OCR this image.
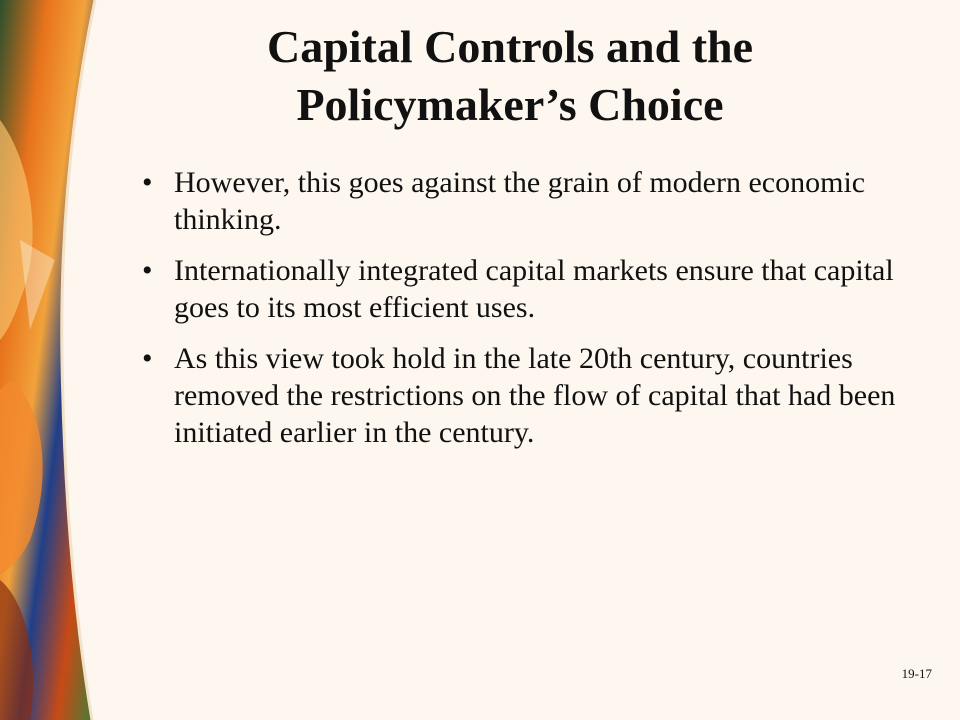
Capital Controls and the
Policymaker’s Choice
• However, this goes against the grain of modern economic thinking.
• Internationally integrated capital markets ensure that capital goes to its most efficient uses.
• As this view took hold in the late 20th century, countries removed the restrictions on the flow of capital that had been initiated earlier in the century.
19-17
